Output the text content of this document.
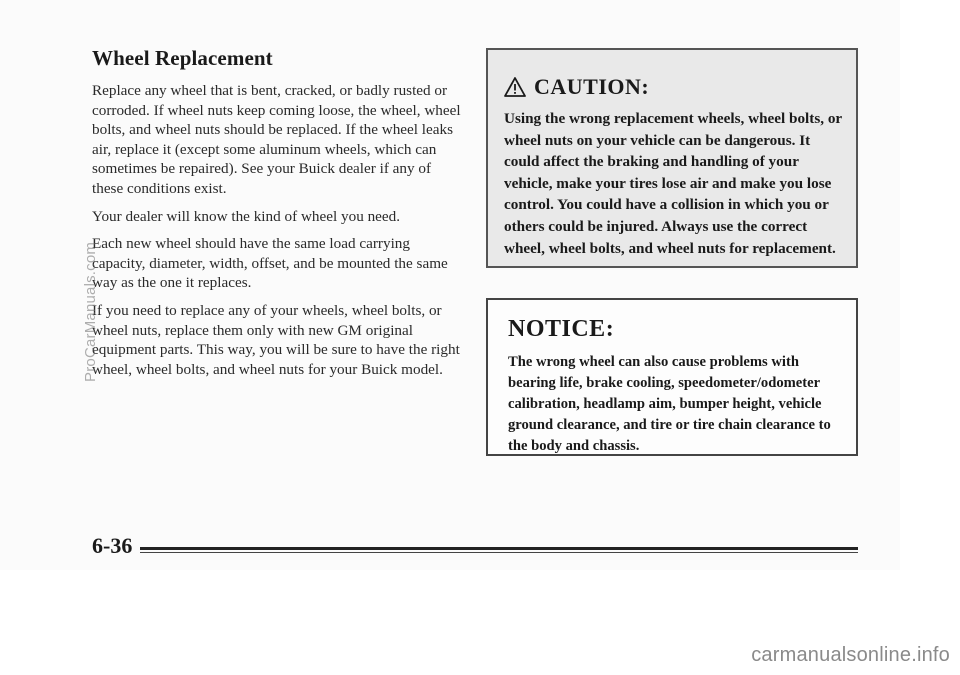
Wheel Replacement

Replace any wheel that is bent, cracked, or badly rusted or corroded. If wheel nuts keep coming loose, the wheel, wheel bolts, and wheel nuts should be replaced. If the wheel leaks air, replace it (except some aluminum wheels, which can sometimes be repaired). See your Buick dealer if any of these conditions exist.

Your dealer will know the kind of wheel you need.

Each new wheel should have the same load carrying capacity, diameter, width, offset, and be mounted the same way as the one it replaces.

If you need to replace any of your wheels, wheel bolts, or wheel nuts, replace them only with new GM original equipment parts. This way, you will be sure to have the right wheel, wheel bolts, and wheel nuts for your Buick model.

CAUTION:
Using the wrong replacement wheels, wheel bolts, or wheel nuts on your vehicle can be dangerous. It could affect the braking and handling of your vehicle, make your tires lose air and make you lose control. You could have a collision in which you or others could be injured. Always use the correct wheel, wheel bolts, and wheel nuts for replacement.
NOTICE:
The wrong wheel can also cause problems with bearing life, brake cooling, speedometer/odometer calibration, headlamp aim, bumper height, vehicle ground clearance, and tire or tire chain clearance to the body and chassis.
6-36
ProCarManuals.com
carmanualsonline.info
